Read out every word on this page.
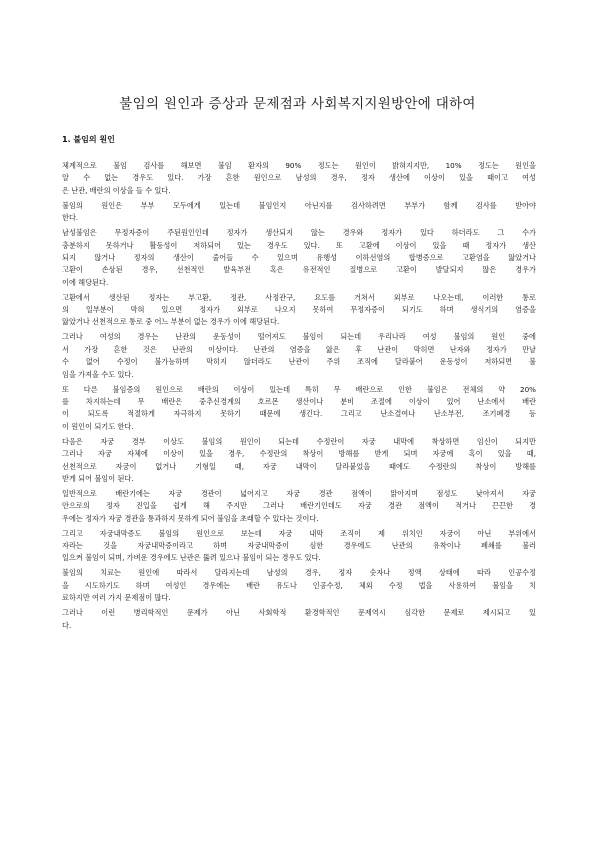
불임의 원인과 증상과 문제점과 사회복지지원방안에 대하여
1. 불임의 원인
체계적으로 불임 검사를 해보면 불임 환자의 90% 정도는 원인이 밝혀지지만, 10% 정도는 원인을
알 수 없는 경우도 있다. 가장 흔한 원인으로 남성의 경우, 정자 생산에 이상이 있을 때이고 여성
은 난관, 배란의 이상을 들 수 있다.
불임의 원인은 부부 모두에게 있는데 불임인지 아닌지를 검사하려면 부부가 함께 검사를 받아야
한다.
남성불임은 무정자증이 주된원인인데 정자가 생산되지 않는 경우와 정자가 있다 하더라도 그 수가
충분하지 못하거나 활동성이 저하되어 있는 경우도 있다. 또 고환에 이상이 있을 때 정자가 생산
되지 않거나 정자의 생산이 줄어들 수 있으며 유행성 이하선염의 합병증으로 고환염을 앓았거나
고환이 손상된 경우, 선천적인 발육부전 혹은 유전적인 질병으로 고환이 발달되지 않은 경우가
이에 해당된다.
고환에서 생산된 정자는 부고환, 정관, 사정관구, 요도를 거쳐서 외부로 나오는데, 이러한 통로
의 일부분이 막혀 있으면 정자가 외부로 나오지 못하여 무정자증이 되기도 하며 생식기의 염증을
앓았거나 선천적으로 통로 중 어느 부분이 없는 경우가 이에 해당된다.
그러나 여성의 경우는 난관의 운동성이 떨어져도 불임이 되는데 우리나라 여성 불임의 원인 중에
서 가장 흔한 것은 난관의 이상이다. 난관의 염증을 앓은 후 난관이 막히면 난자와 정자가 만날
수 없어 수정이 불가능하며 막히지 않더라도 난관이 주위 조직에 달라붙어 운동성이 저하되면 불
임을 가져올 수도 있다.
또 다른 불임증의 원인으로 배란의 이상이 있는데 특히 무 배란으로 인한 불임은 전체의 약 20%
를 차지하는데 무 배란은 중추신경계의 호르몬 생산이나 분비 조절에 이상이 있어 난소에서 배란
이 되도록 적절하게 자극하지 못하기 때문에 생긴다. 그리고 난소결여나 난소부전, 조기폐경 등
이 원인이 되기도 한다.
다음은 자궁 경부 이상도 불임의 원인이 되는데 수정란이 자궁 내막에 착상하면 임신이 되지만
그러나 자궁 자체에 이상이 있을 경우, 수정란의 착상이 방해를 받게 되며 자궁에 혹이 있을 때,
선천적으로 자궁이 없거나 기형일 때, 자궁 내막이 달라붙었을 때에도 수정란의 착상이 방해를
받게 되어 불임이 된다.
일반적으로 배란기에는 자궁 경관이 넓어지고 자궁 경관 점액이 맑아지며 점성도 낮아져서 자궁
안으로의 정자 진입을 쉽게 해 주지만 그러나 배란기인데도 자궁 경관 점액이 적거나 끈끈한 경
우에는 정자가 자궁 경관을 통과하지 못하게 되어 불임을 초래할 수 있다는 것이다.
그리고 자궁내막증도 불임의 원인으로 보는데 자궁 내막 조직이 제 위치인 자궁이 아닌 부위에서
자라는 것을 자궁내막증이라고 하며 자궁내막증이 심한 경우에도 난관의 유착이나 폐쇄를 불러
일으켜 불임이 되며, 가벼운 경우에도 난관은 뚫려 있으나 불임이 되는 경우도 있다.
불임의 치료는 원인에 따라서 달라지는데 남성의 경우, 정자 숫자나 정액 상태에 따라 인공수정
을 시도하기도 하며 여성인 경우에는 배란 유도나 인공수정, 체외 수정 법을 사용하여 불임을 치
료하지만 여러 가지 문제점이 많다.
그러나 이런 병리학적인 문제가 아닌 사회학적 환경학적인 문제역시 심각한 문제로 제시되고 있
다.
